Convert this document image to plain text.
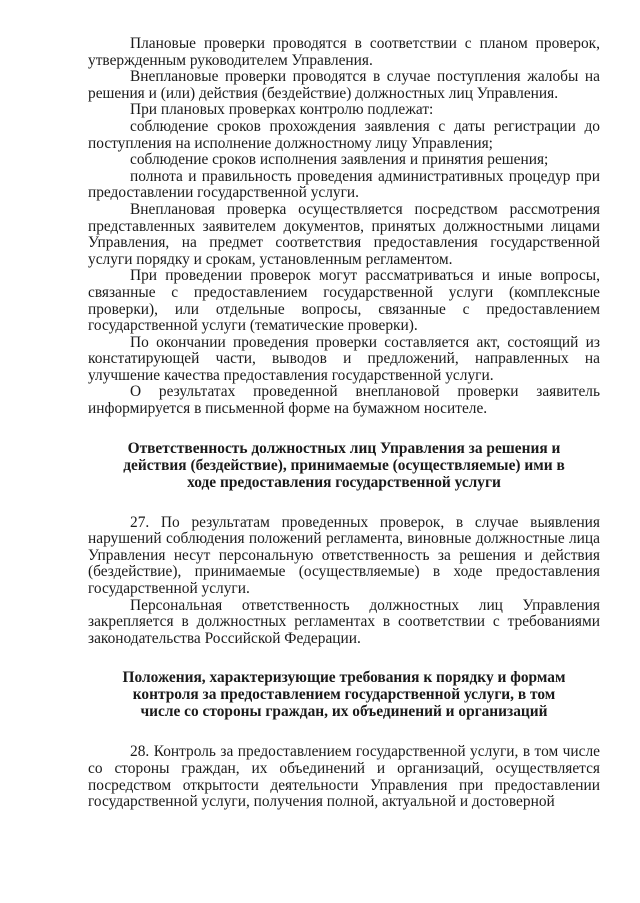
Плановые проверки проводятся в соответствии с планом проверок, утвержденным руководителем Управления.

Внеплановые проверки проводятся в случае поступления жалобы на решения и (или) действия (бездействие) должностных лиц Управления.

При плановых проверках контролю подлежат:

соблюдение сроков прохождения заявления с даты регистрации до поступления на исполнение должностному лицу Управления;

соблюдение сроков исполнения заявления и принятия решения;

полнота и правильность проведения административных процедур при предоставлении государственной услуги.

Внеплановая проверка осуществляется посредством рассмотрения представленных заявителем документов, принятых должностными лицами Управления, на предмет соответствия предоставления государственной услуги порядку и срокам, установленным регламентом.

При проведении проверок могут рассматриваться и иные вопросы, связанные с предоставлением государственной услуги (комплексные проверки), или отдельные вопросы, связанные с предоставлением государственной услуги (тематические проверки).

По окончании проведения проверки составляется акт, состоящий из констатирующей части, выводов и предложений, направленных на улучшение качества предоставления государственной услуги.

О результатах проведенной внеплановой проверки заявитель информируется в письменной форме на бумажном носителе.

Ответственность должностных лиц Управления за решения и действия (бездействие), принимаемые (осуществляемые) ими в ходе предоставления государственной услуги

27. По результатам проведенных проверок, в случае выявления нарушений соблюдения положений регламента, виновные должностные лица Управления несут персональную ответственность за решения и действия (бездействие), принимаемые (осуществляемые) в ходе предоставления государственной услуги.

Персональная ответственность должностных лиц Управления закрепляется в должностных регламентах в соответствии с требованиями законодательства Российской Федерации.

Положения, характеризующие требования к порядку и формам контроля за предоставлением государственной услуги, в том числе со стороны граждан, их объединений и организаций

28. Контроль за предоставлением государственной услуги, в том числе со стороны граждан, их объединений и организаций, осуществляется посредством открытости деятельности Управления при предоставлении государственной услуги, получения полной, актуальной и достоверной
